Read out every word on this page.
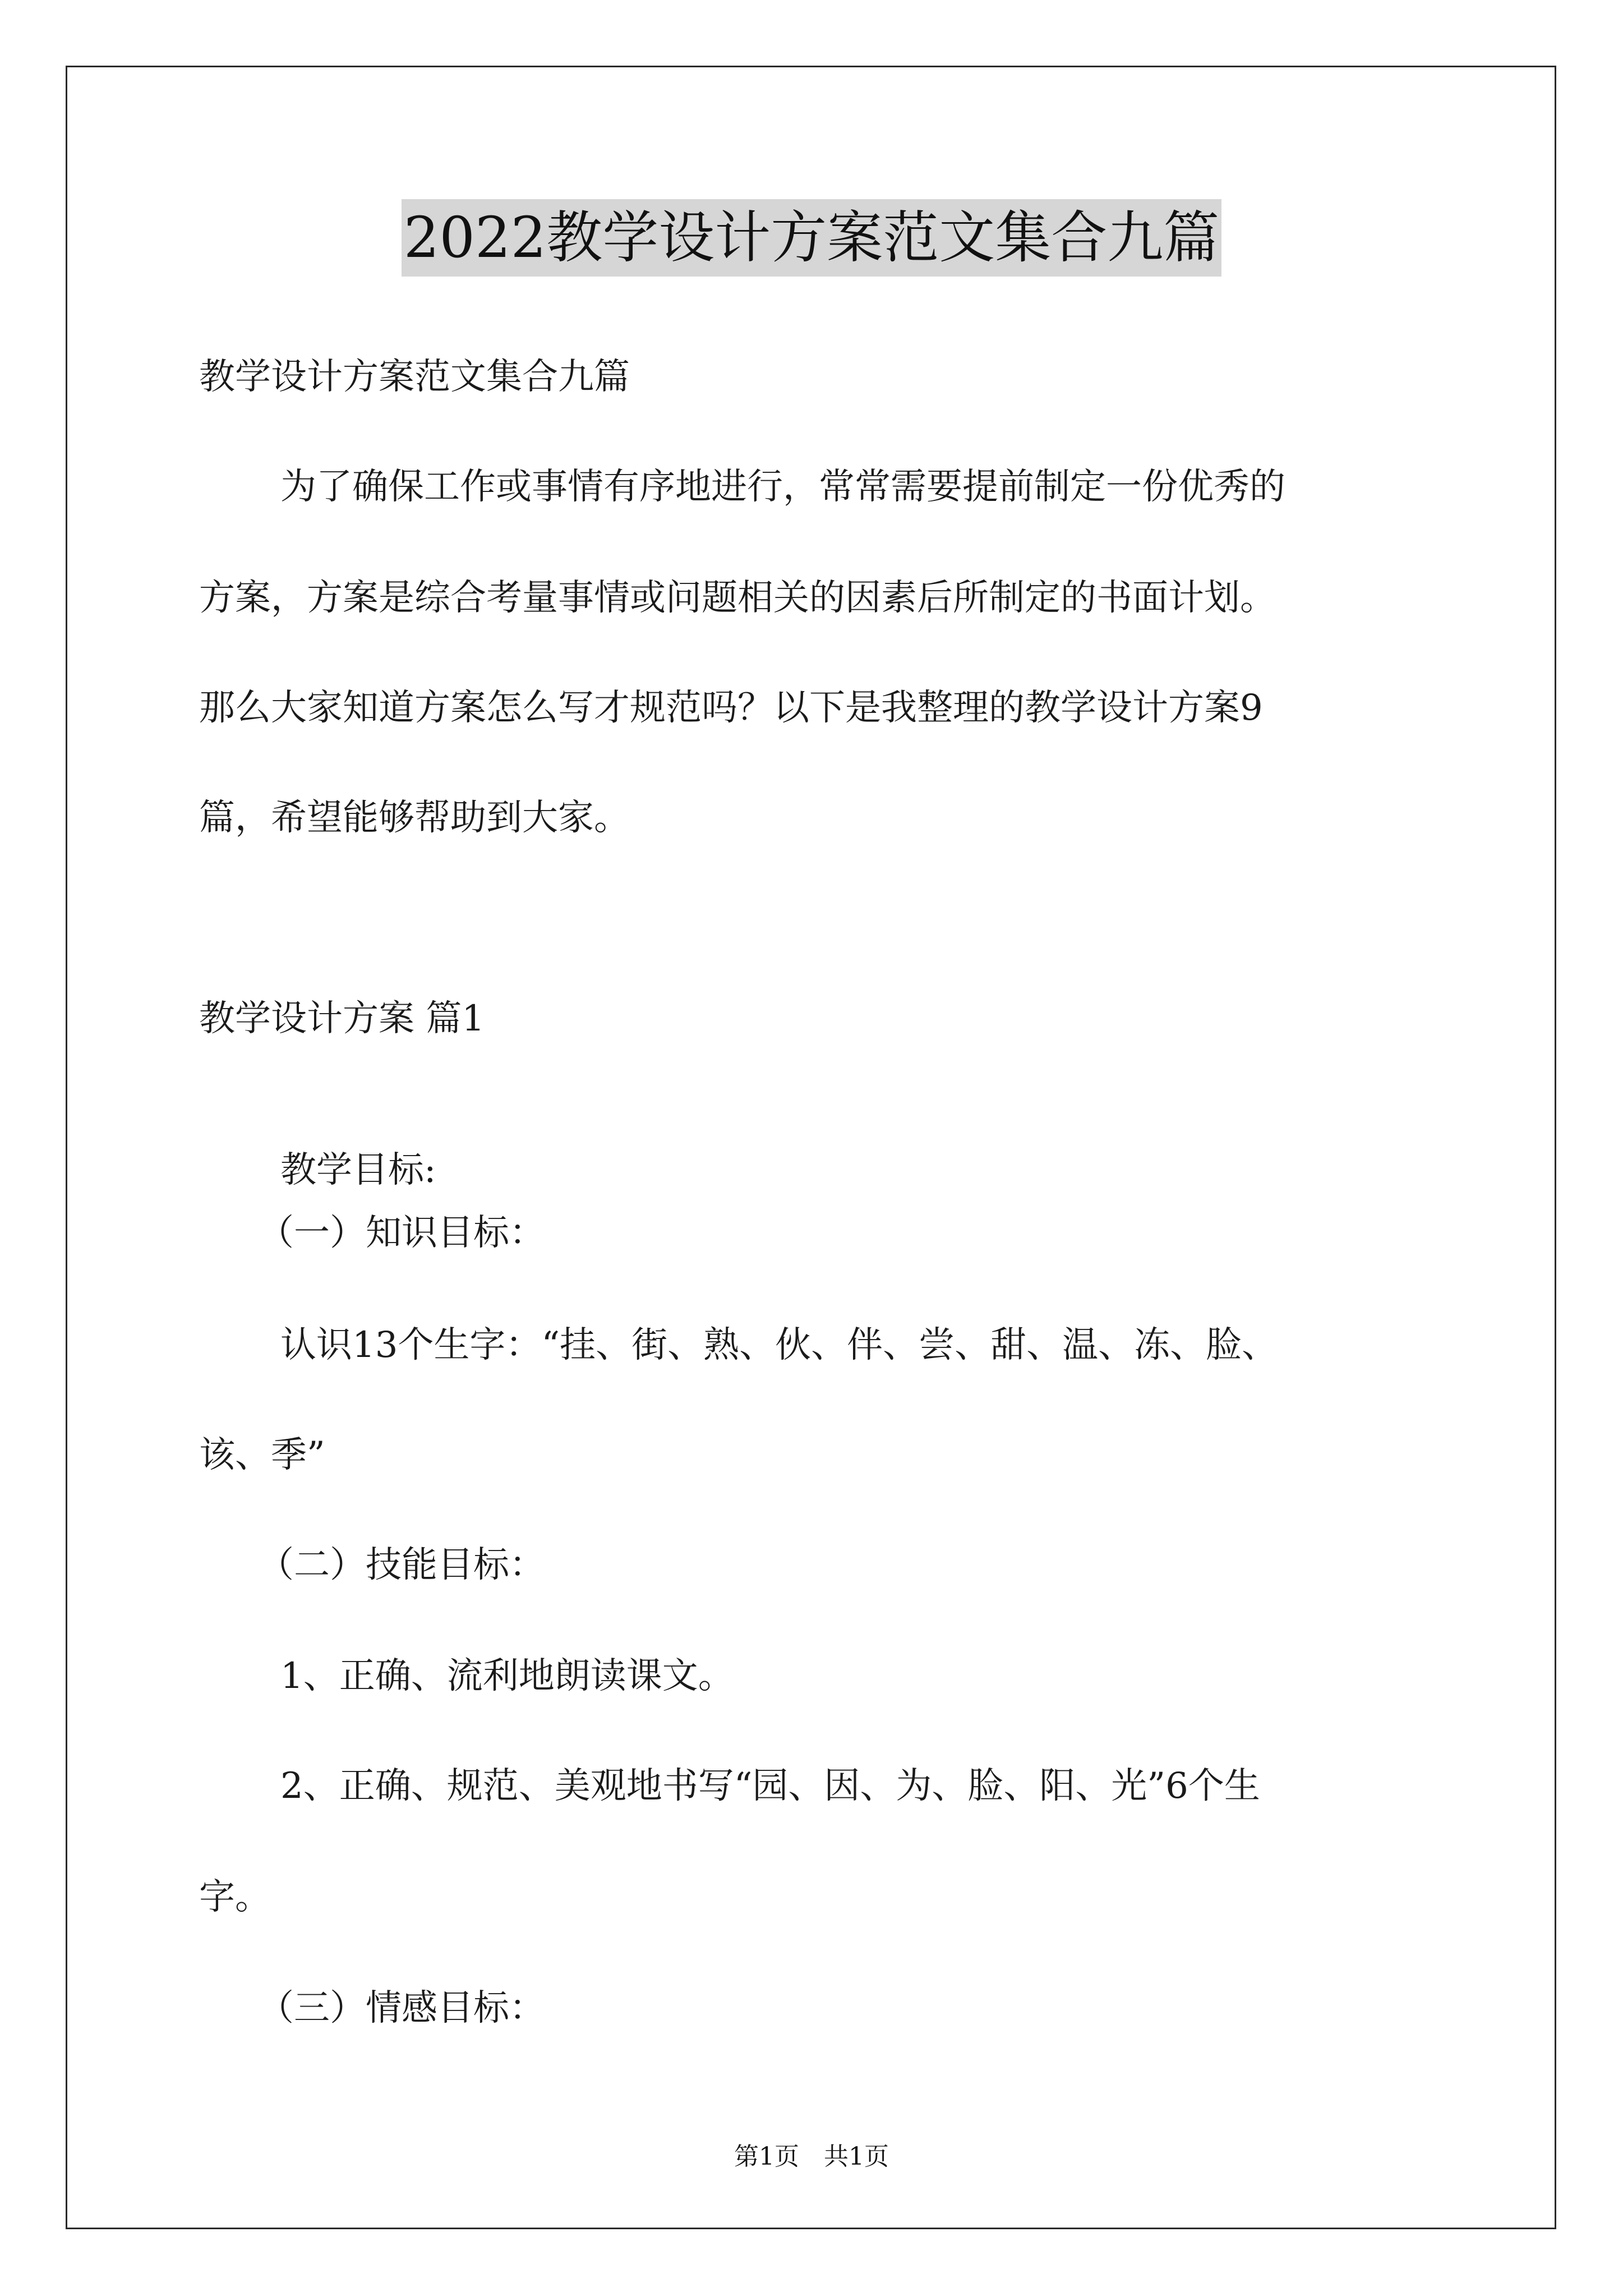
2022教学设计方案范文集合九篇
教学设计方案范文集合九篇
为了确保工作或事情有序地进行，常常需要提前制定一份优秀的
方案，方案是综合考量事情或问题相关的因素后所制定的书面计划。
那么大家知道方案怎么写才规范吗？以下是我整理的教学设计方案9
篇，希望能够帮助到大家。
教学设计方案 篇1
教学目标:
（一）知识目标：
认识13个生字：“挂、街、熟、伙、伴、尝、甜、温、冻、脸、
该、季”
（二）技能目标：
1、正确、流利地朗读课文。
2、正确、规范、美观地书写“园、因、为、脸、阳、光”6个生
字。
（三）情感目标：
第1页　共1页
